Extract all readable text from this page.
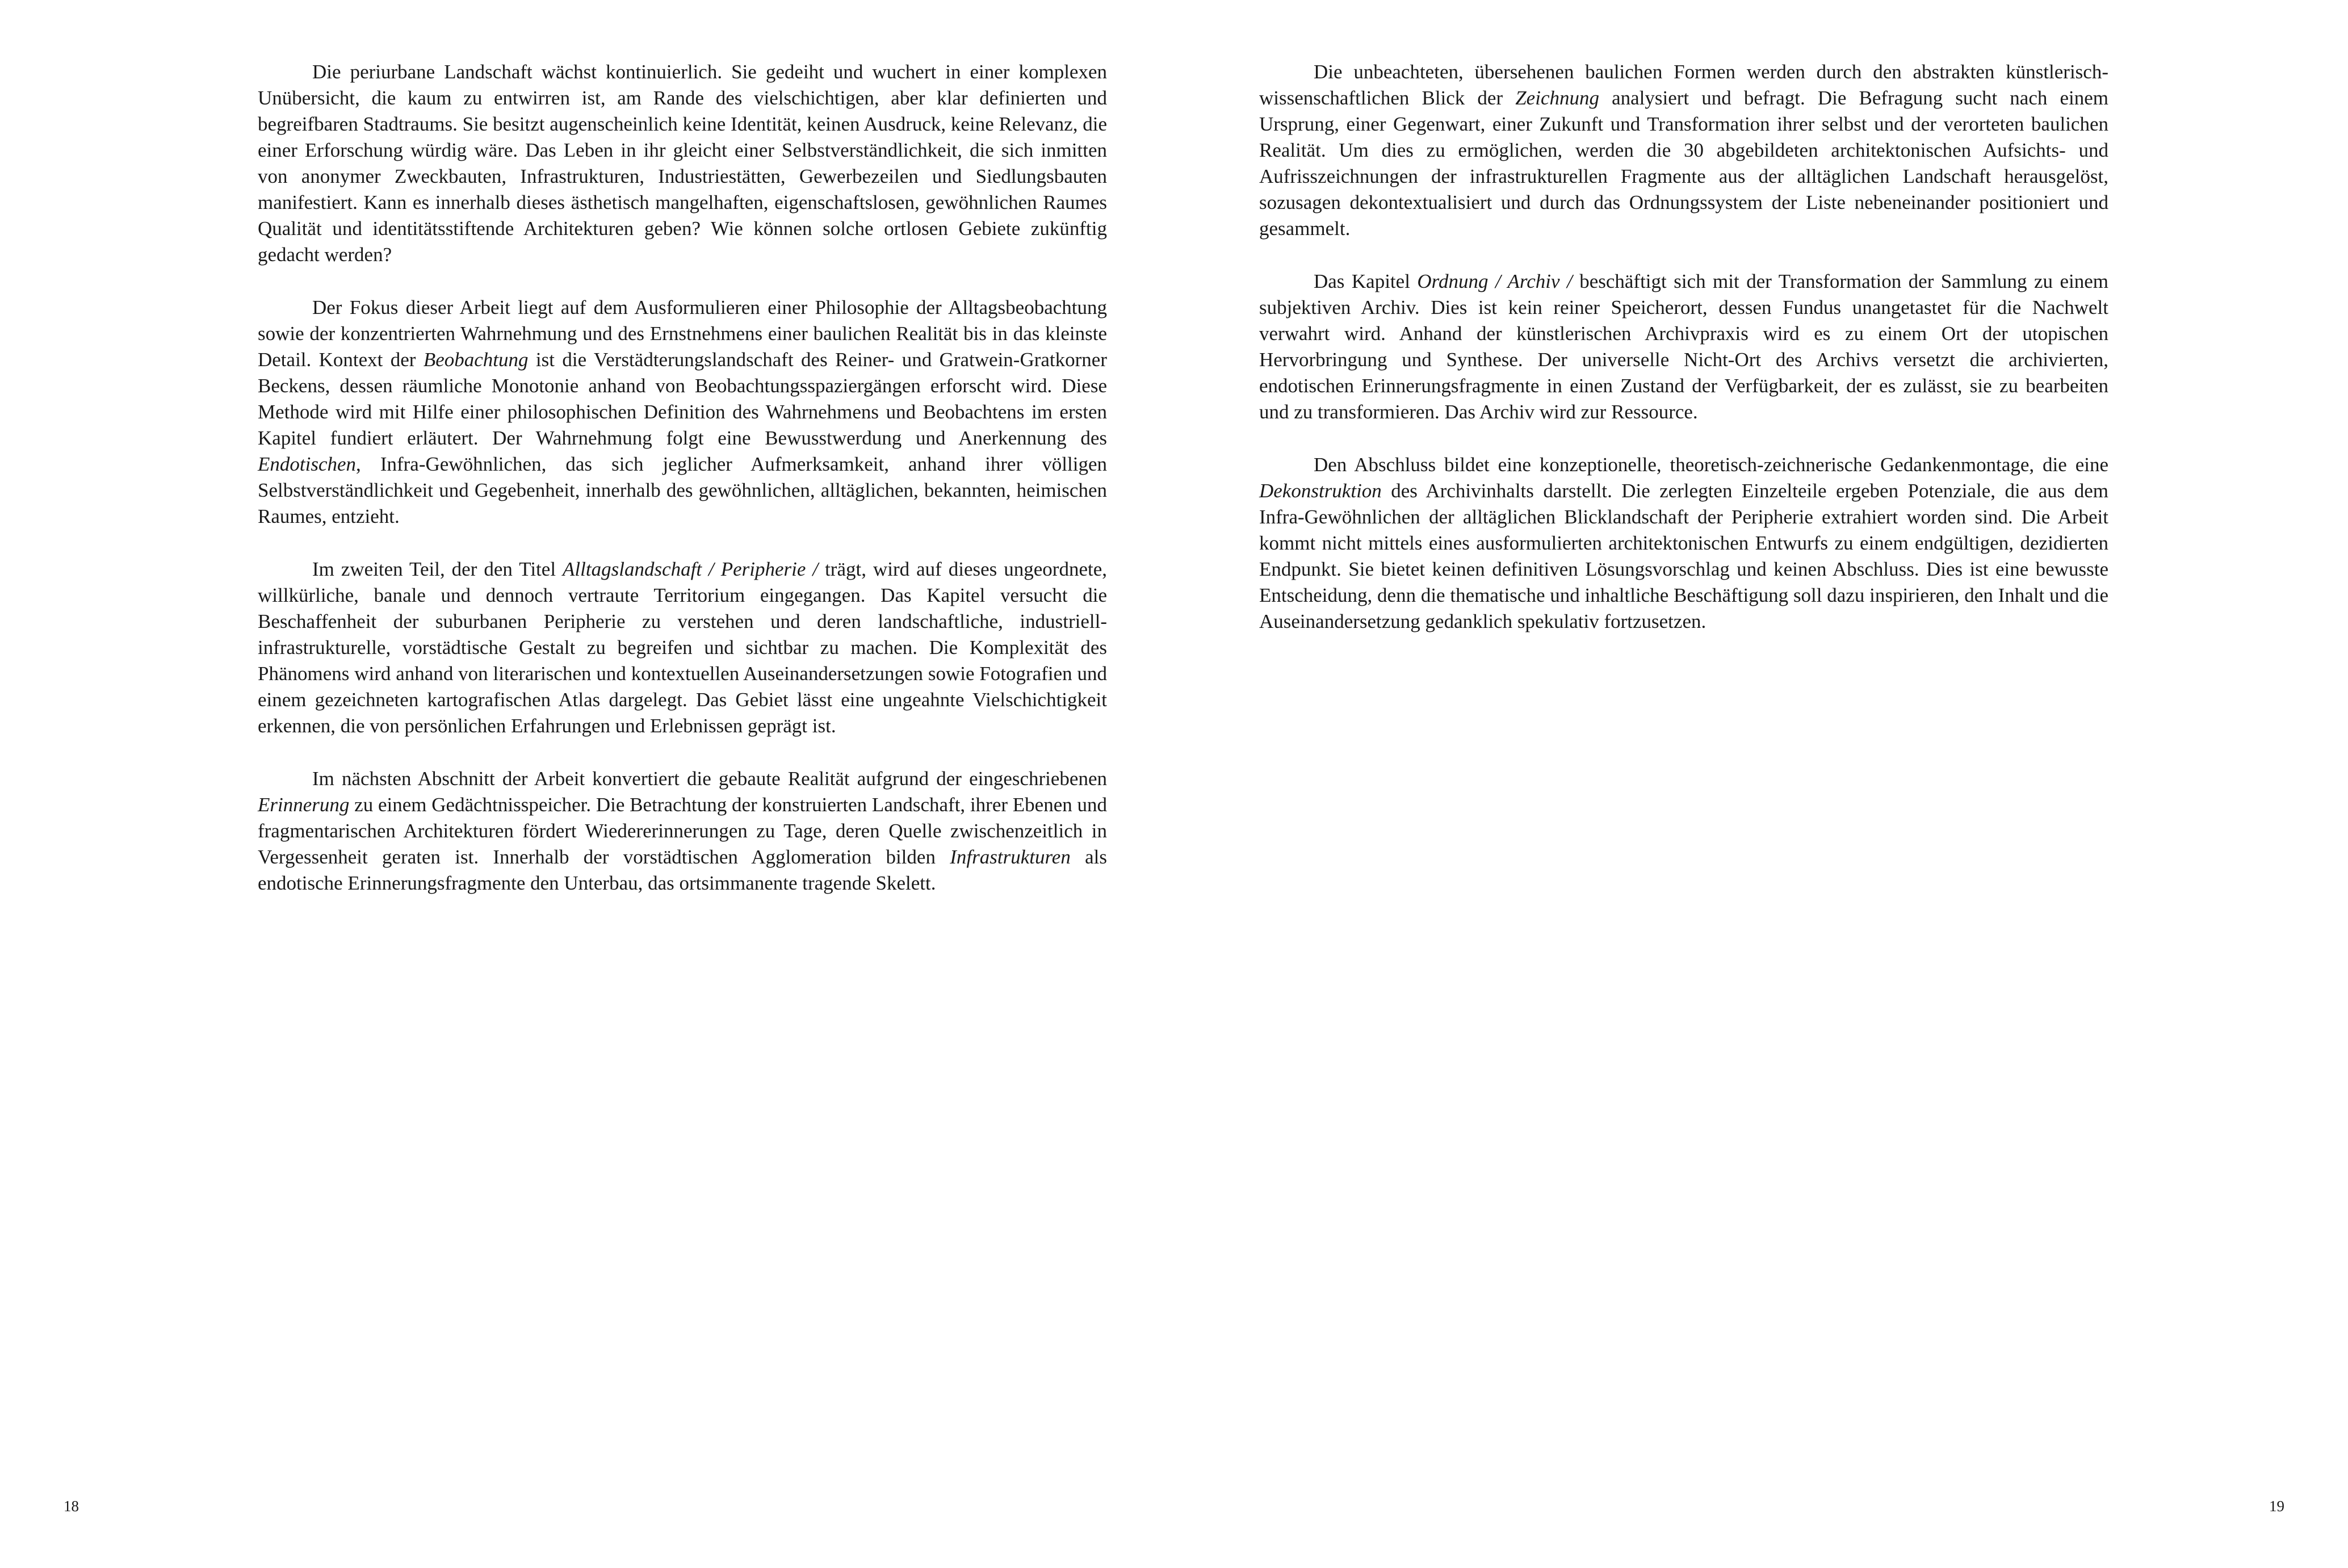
Die periurbane Landschaft wächst kontinuierlich. Sie gedeiht und wuchert in einer komplexen Unübersicht, die kaum zu entwirren ist, am Rande des vielschichtigen, aber klar definierten und begreifbaren Stadtraums. Sie besitzt augenscheinlich keine Identität, keinen Ausdruck, keine Relevanz, die einer Erforschung würdig wäre. Das Leben in ihr gleicht einer Selbstverständlichkeit, die sich inmitten von anonymer Zweckbauten, Infrastrukturen, Industriestätten, Gewerbezeilen und Siedlungsbauten manifestiert. Kann es innerhalb dieses ästhetisch mangelhaften, eigenschaftslosen, gewöhnlichen Raumes Qualität und identitätsstiftende Architekturen geben? Wie können solche ortlosen Gebiete zukünftig gedacht werden?

Der Fokus dieser Arbeit liegt auf dem Ausformulieren einer Philosophie der Alltagsbeobachtung sowie der konzentrierten Wahrnehmung und des Ernstnehmens einer baulichen Realität bis in das kleinste Detail. Kontext der Beobachtung ist die Verstädterungslandschaft des Reiner- und Gratwein-Gratkorner Beckens, dessen räumliche Monotonie anhand von Beobachtungsspaziergängen erforscht wird. Diese Methode wird mit Hilfe einer philosophischen Definition des Wahrnehmens und Beobachtens im ersten Kapitel fundiert erläutert. Der Wahrnehmung folgt eine Bewusstwerdung und Anerkennung des Endotischen, Infra-Gewöhnlichen, das sich jeglicher Aufmerksamkeit, anhand ihrer völligen Selbstverständlichkeit und Gegebenheit, innerhalb des gewöhnlichen, alltäglichen, bekannten, heimischen Raumes, entzieht.

Im zweiten Teil, der den Titel Alltagslandschaft / Peripherie / trägt, wird auf dieses ungeordnete, willkürliche, banale und dennoch vertraute Territorium eingegangen. Das Kapitel versucht die Beschaffenheit der suburbanen Peripherie zu verstehen und deren landschaftliche, industriell-infrastrukturelle, vorstädtische Gestalt zu begreifen und sichtbar zu machen. Die Komplexität des Phänomens wird anhand von literarischen und kontextuellen Auseinandersetzungen sowie Fotografien und einem gezeichneten kartografischen Atlas dargelegt. Das Gebiet lässt eine ungeahnte Vielschichtigkeit erkennen, die von persönlichen Erfahrungen und Erlebnissen geprägt ist.

Im nächsten Abschnitt der Arbeit konvertiert die gebaute Realität aufgrund der eingeschriebenen Erinnerung zu einem Gedächtnisspeicher. Die Betrachtung der konstruierten Landschaft, ihrer Ebenen und fragmentarischen Architekturen fördert Wiedererinnerungen zu Tage, deren Quelle zwischenzeitlich in Vergessenheit geraten ist. Innerhalb der vorstädtischen Agglomeration bilden Infrastrukturen als endotische Erinnerungsfragmente den Unterbau, das ortsimmanente tragende Skelett.

18

Die unbeachteten, übersehenen baulichen Formen werden durch den abstrakten künstlerisch-wissenschaftlichen Blick der Zeichnung analysiert und befragt. Die Befragung sucht nach einem Ursprung, einer Gegenwart, einer Zukunft und Transformation ihrer selbst und der verorteten baulichen Realität. Um dies zu ermöglichen, werden die 30 abgebildeten architektonischen Aufsichts- und Aufrisszeichnungen der infrastrukturellen Fragmente aus der alltäglichen Landschaft herausgelöst, sozusagen dekontextualisiert und durch das Ordnungssystem der Liste nebeneinander positioniert und gesammelt.

Das Kapitel Ordnung / Archiv / beschäftigt sich mit der Transformation der Sammlung zu einem subjektiven Archiv. Dies ist kein reiner Speicherort, dessen Fundus unangetastet für die Nachwelt verwahrt wird. Anhand der künstlerischen Archivpraxis wird es zu einem Ort der utopischen Hervorbringung und Synthese. Der universelle Nicht-Ort des Archivs versetzt die archivierten, endotischen Erinnerungsfragmente in einen Zustand der Verfügbarkeit, der es zulässt, sie zu bearbeiten und zu transformieren. Das Archiv wird zur Ressource.

Den Abschluss bildet eine konzeptionelle, theoretisch-zeichnerische Gedankenmontage, die eine Dekonstruktion des Archivinhalts darstellt. Die zerlegten Einzelteile ergeben Potenziale, die aus dem Infra-Gewöhnlichen der alltäglichen Blicklandschaft der Peripherie extrahiert worden sind. Die Arbeit kommt nicht mittels eines ausformulierten architektonischen Entwurfs zu einem endgültigen, dezidierten Endpunkt. Sie bietet keinen definitiven Lösungsvorschlag und keinen Abschluss. Dies ist eine bewusste Entscheidung, denn die thematische und inhaltliche Beschäftigung soll dazu inspirieren, den Inhalt und die Auseinandersetzung gedanklich spekulativ fortzusetzen.

19
